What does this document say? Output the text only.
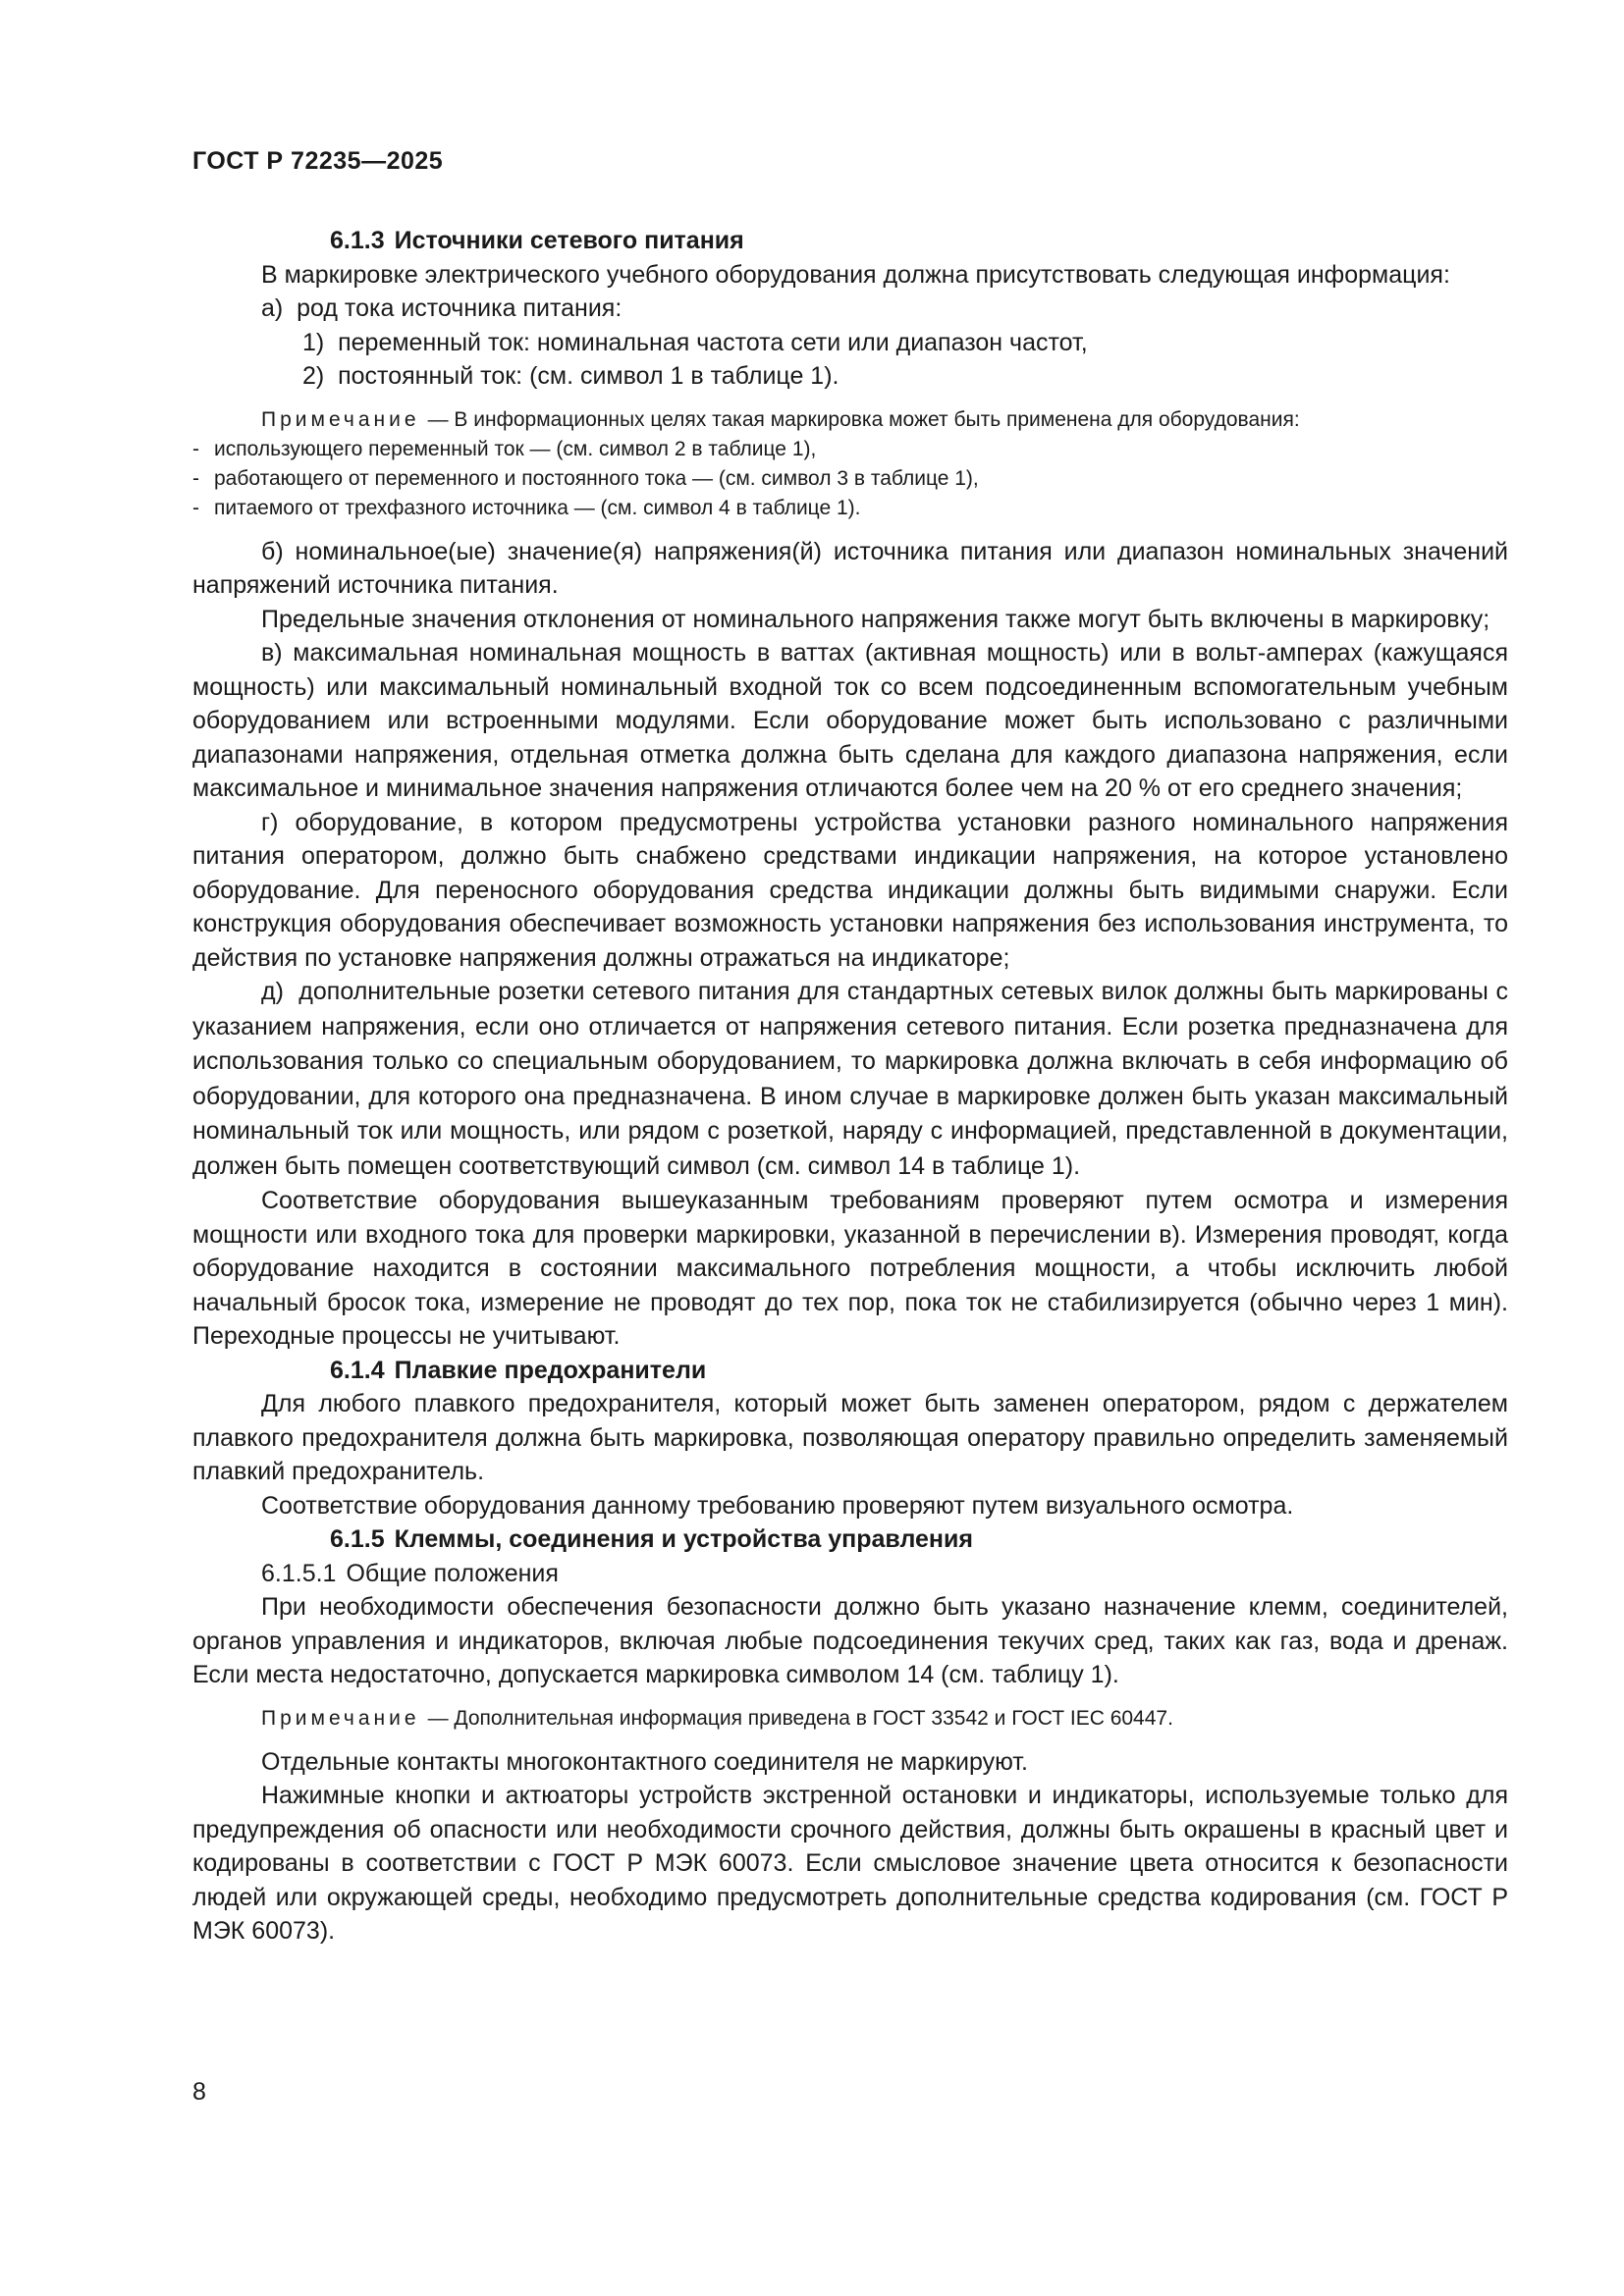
ГОСТ Р 72235—2025

6.1.3 Источники сетевого питания

В маркировке электрического учебного оборудования должна присутствовать следующая информация:

а)  род тока источника питания:

1)  переменный ток: номинальная частота сети или диапазон частот,

2)  постоянный ток: (см. символ 1 в таблице 1).

Примечание — В информационных целях такая маркировка может быть применена для оборудования:

- использующего переменный ток — (см. символ 2 в таблице 1),

- работающего от переменного и постоянного тока — (см. символ 3 в таблице 1),

- питаемого от трехфазного источника — (см. символ 4 в таблице 1).

б) номинальное(ые) значение(я) напряжения(й) источника питания или диапазон номинальных значений напряжений источника питания.

Предельные значения отклонения от номинального напряжения также могут быть включены в маркировку;

в) максимальная номинальная мощность в ваттах (активная мощность) или в вольт-амперах (кажущаяся мощность) или максимальный номинальный входной ток со всем подсоединенным вспомогательным учебным оборудованием или встроенными модулями. Если оборудование может быть использовано с различными диапазонами напряжения, отдельная отметка должна быть сделана для каждого диапазона напряжения, если максимальное и минимальное значения напряжения отличаются более чем на 20 % от его среднего значения;

г) оборудование, в котором предусмотрены устройства установки разного номинального напряжения питания оператором, должно быть снабжено средствами индикации напряжения, на которое установлено оборудование. Для переносного оборудования средства индикации должны быть видимыми снаружи. Если конструкция оборудования обеспечивает возможность установки напряжения без использования инструмента, то действия по установке напряжения должны отражаться на индикаторе;

д)  дополнительные розетки сетевого питания для стандартных сетевых вилок должны быть маркированы с указанием напряжения, если оно отличается от напряжения сетевого питания. Если розетка предназначена для использования только со специальным оборудованием, то маркировка должна включать в себя информацию об оборудовании, для которого она предназначена. В ином случае в маркировке должен быть указан максимальный номинальный ток или мощность, или рядом с розеткой, наряду с информацией, представленной в документации, должен быть помещен соответствующий символ (см. символ 14 в таблице 1).

Соответствие оборудования вышеуказанным требованиям проверяют путем осмотра и измерения мощности или входного тока для проверки маркировки, указанной в перечислении в). Измерения проводят, когда оборудование находится в состоянии максимального потребления мощности, а чтобы исключить любой начальный бросок тока, измерение не проводят до тех пор, пока ток не стабилизируется (обычно через 1 мин). Переходные процессы не учитывают.

6.1.4 Плавкие предохранители

Для любого плавкого предохранителя, который может быть заменен оператором, рядом с держателем плавкого предохранителя должна быть маркировка, позволяющая оператору правильно определить заменяемый плавкий предохранитель.

Соответствие оборудования данному требованию проверяют путем визуального осмотра.

6.1.5 Клеммы, соединения и устройства управления

6.1.5.1 Общие положения

При необходимости обеспечения безопасности должно быть указано назначение клемм, соединителей, органов управления и индикаторов, включая любые подсоединения текучих сред, таких как газ, вода и дренаж. Если места недостаточно, допускается маркировка символом 14 (см. таблицу 1).

Примечание — Дополнительная информация приведена в ГОСТ 33542 и ГОСТ IEC 60447.

Отдельные контакты многоконтактного соединителя не маркируют.

Нажимные кнопки и актюаторы устройств экстренной остановки и индикаторы, используемые только для предупреждения об опасности или необходимости срочного действия, должны быть окрашены в красный цвет и кодированы в соответствии с ГОСТ Р МЭК 60073. Если смысловое значение цвета относится к безопасности людей или окружающей среды, необходимо предусмотреть дополнительные средства кодирования (см. ГОСТ Р МЭК 60073).

8
